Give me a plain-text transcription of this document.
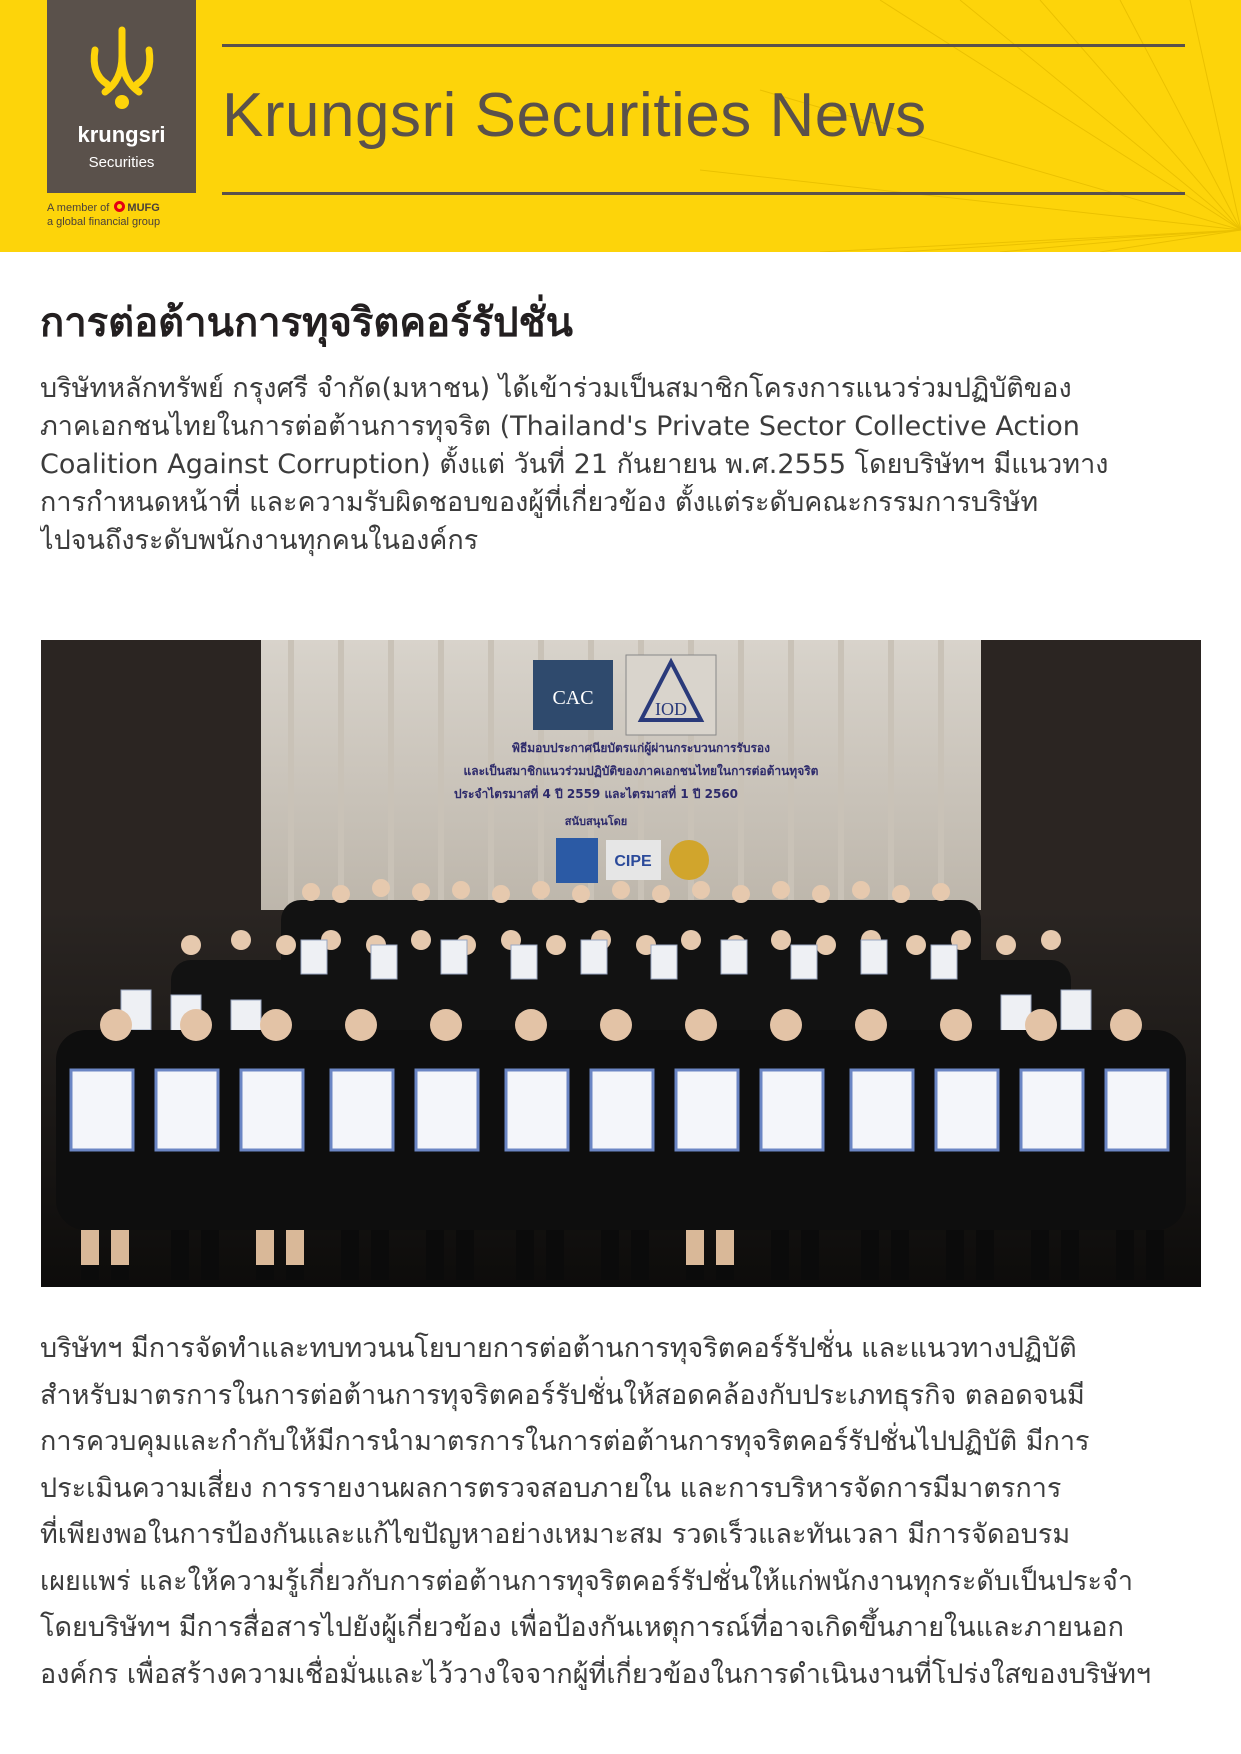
krungsri
Securities
A member of MUFG
a global financial group
Krungsri Securities News
การต่อต้านการทุจริตคอร์รัปชั่น
บริษัทหลักทรัพย์ กรุงศรี จำกัด(มหาชน) ได้เข้าร่วมเป็นสมาชิกโครงการแนวร่วมปฏิบัติของ
ภาคเอกชนไทยในการต่อต้านการทุจริต (Thailand's Private Sector Collective Action
Coalition Against Corruption) ตั้งแต่ วันที่ 21 กันยายน พ.ศ.2555 โดยบริษัทฯ มีแนวทาง
การกำหนดหน้าที่ และความรับผิดชอบของผู้ที่เกี่ยวข้อง ตั้งแต่ระดับคณะกรรมการบริษัท
ไปจนถึงระดับพนักงานทุกคนในองค์กร
CAC	IOD
พิธีมอบประกาศนียบัตรแก่ผู้ผ่านกระบวนการรับรอง
และเป็นสมาชิกแนวร่วมปฏิบัติของภาคเอกชนไทยในการต่อต้านทุจริต
ประจำไตรมาสที่ 4 ปี 2559 และไตรมาสที่ 1 ปี 2560
สนับสนุนโดย
CIPE
บริษัทฯ มีการจัดทำและทบทวนนโยบายการต่อต้านการทุจริตคอร์รัปชั่น และแนวทางปฏิบัติ
สำหรับมาตรการในการต่อต้านการทุจริตคอร์รัปชั่นให้สอดคล้องกับประเภทธุรกิจ ตลอดจนมี
การควบคุมและกำกับให้มีการนำมาตรการในการต่อต้านการทุจริตคอร์รัปชั่นไปปฏิบัติ มีการ
ประเมินความเสี่ยง การรายงานผลการตรวจสอบภายใน และการบริหารจัดการมีมาตรการ
ที่เพียงพอในการป้องกันและแก้ไขปัญหาอย่างเหมาะสม รวดเร็วและทันเวลา มีการจัดอบรม
เผยแพร่ และให้ความรู้เกี่ยวกับการต่อต้านการทุจริตคอร์รัปชั่นให้แก่พนักงานทุกระดับเป็นประจำ
โดยบริษัทฯ มีการสื่อสารไปยังผู้เกี่ยวข้อง เพื่อป้องกันเหตุการณ์ที่อาจเกิดขึ้นภายในและภายนอก
องค์กร เพื่อสร้างความเชื่อมั่นและไว้วางใจจากผู้ที่เกี่ยวข้องในการดำเนินงานที่โปร่งใสของบริษัทฯ
